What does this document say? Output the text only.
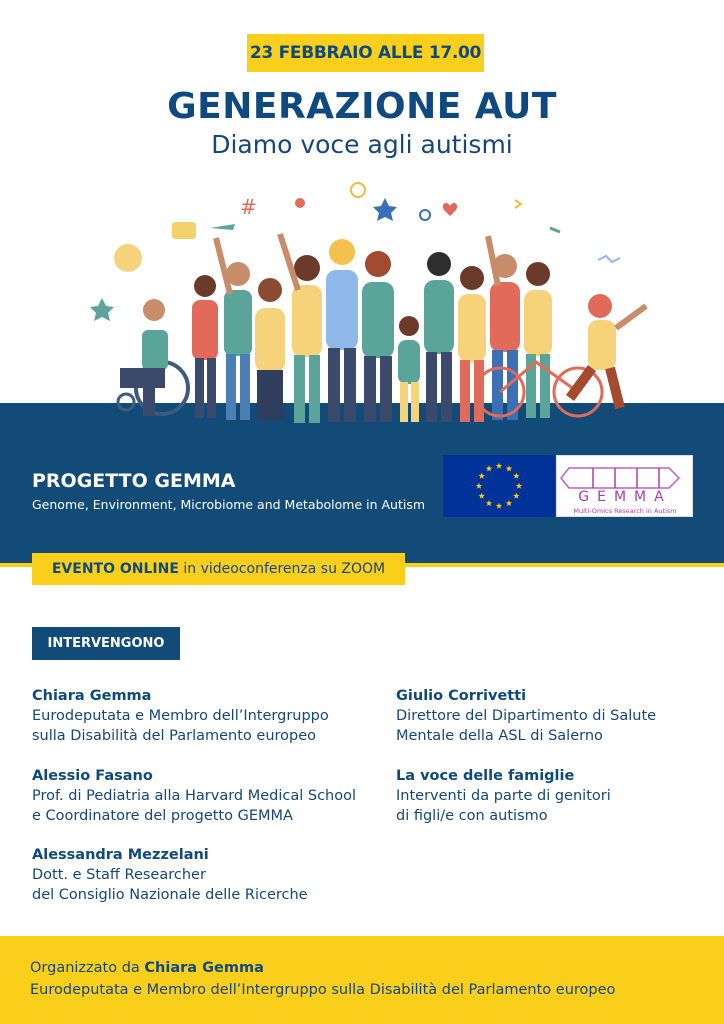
23 FEBBRAIO ALLE 17.00
GENERAZIONE AUT
Diamo voce agli autismi
#
PROGETTO GEMMA
Genome, Environment, Microbiome and Metabolome in Autism	GEMMA
Multi-Omics Research in Autism
EVENTO ONLINE in videoconferenza su ZOOM
INTERVENGONO
Chiara Gemma
Eurodeputata e Membro dell’Intergruppo
sulla Disabilità del Parlamento europeo
Alessio Fasano
Prof. di Pediatria alla Harvard Medical School
e Coordinatore del progetto GEMMA
Alessandra Mezzelani
Dott. e Staff Researcher
del Consiglio Nazionale delle Ricerche
Giulio Corrivetti
Direttore del Dipartimento di Salute
Mentale della ASL di Salerno
La voce delle famiglie
Interventi da parte di genitori
di figli/e con autismo
Organizzato da Chiara Gemma
Eurodeputata e Membro dell’Intergruppo sulla Disabilità del Parlamento europeo
